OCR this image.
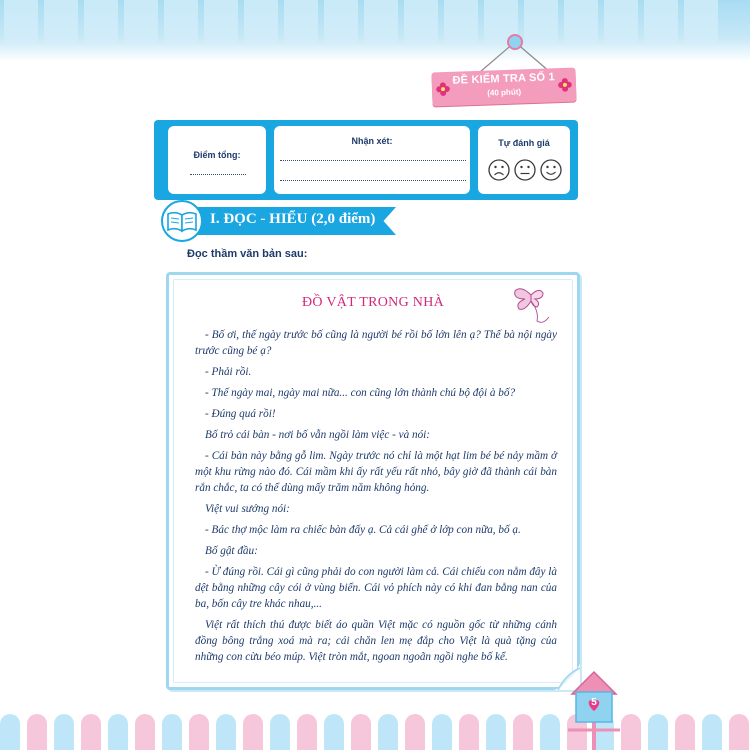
ĐỀ KIỂM TRA SỐ 1
(40 phút)
Điểm tổng:
Nhận xét:	Tự đánh giá
I. ĐỌC - HIỂU (2,0 điểm)
Đọc thầm văn bản sau:
ĐỒ VẬT TRONG NHÀ

- Bố ơi, thế ngày trước bố cũng là người bé rồi bố lớn lên ạ? Thế bà nội ngày trước cũng bé ạ?

- Phải rồi.

- Thế ngày mai, ngày mai nữa... con cũng lớn thành chú bộ đội à bố?

- Đúng quá rồi!

Bố trỏ cái bàn - nơi bố vẫn ngồi làm việc - và nói:

- Cái bàn này bằng gỗ lim. Ngày trước nó chỉ là một hạt lim bé bé nảy mầm ở một khu rừng nào đó. Cái mầm khi ấy rất yếu rất nhỏ, bây giờ đã thành cái bàn rắn chắc, ta có thể dùng mấy trăm năm không hỏng.

Việt vui sướng nói:

- Bác thợ mộc làm ra chiếc bàn đấy ạ. Cả cái ghế ở lớp con nữa, bố ạ.

Bố gật đầu:

- Ừ đúng rồi. Cái gì cũng phải do con người làm cả. Cái chiếu con nằm đây là dệt bằng những cây cói ở vùng biển. Cái vỏ phích này có khi đan bằng nan của ba, bốn cây tre khác nhau,...

Việt rất thích thú được biết áo quần Việt mặc có nguồn gốc từ những cánh đồng bông trắng xoá mà ra; cái chăn len mẹ đắp cho Việt là quà tặng của những con cừu béo múp. Việt tròn mắt, ngoan ngoãn ngồi nghe bố kể.

5
